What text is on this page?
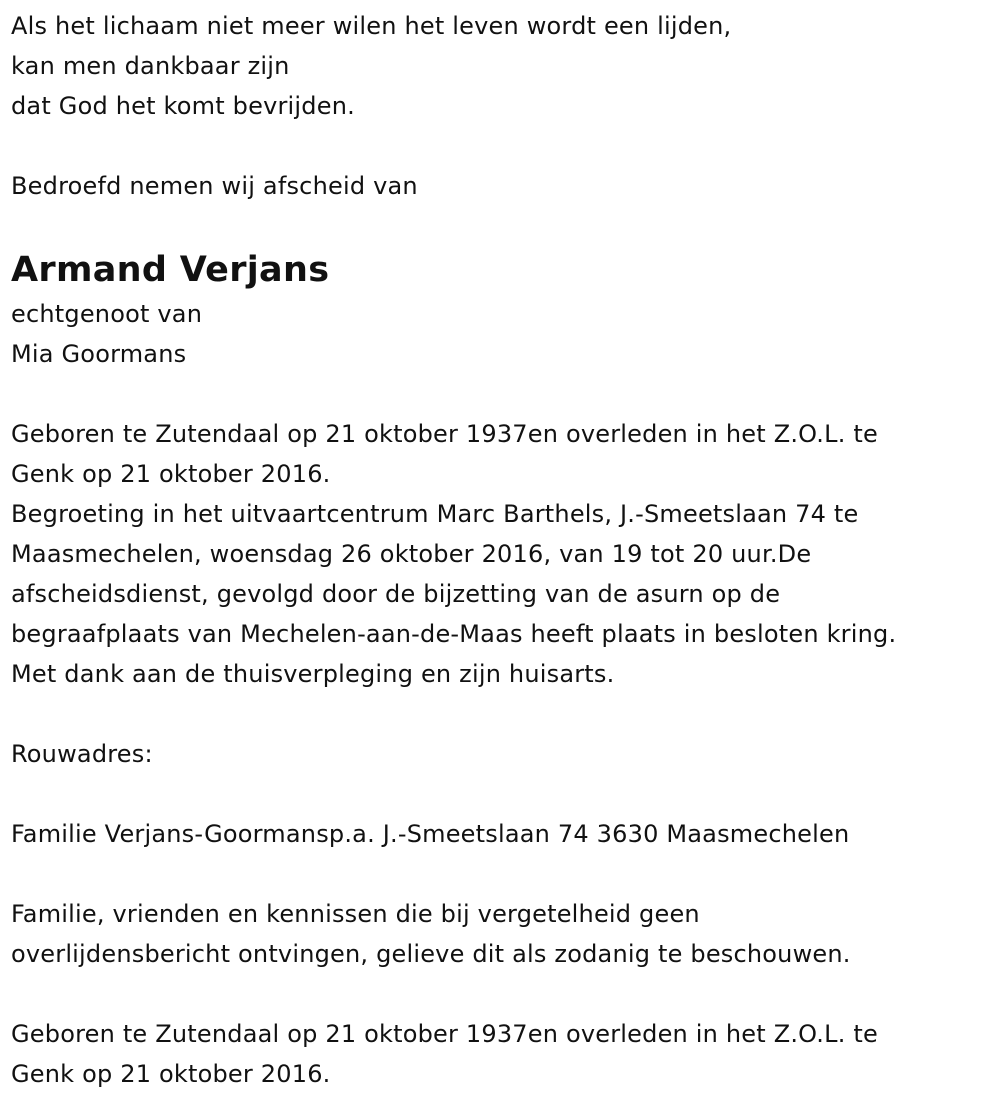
Als het lichaam niet meer wilen het leven wordt een lijden,
kan men dankbaar zijn
dat God het komt bevrijden.
Bedroefd nemen wij afscheid van
Armand Verjans
echtgenoot van
Mia Goormans
Geboren te Zutendaal op 21 oktober 1937en overleden in het Z.O.L. te
Genk op 21 oktober 2016.
Begroeting in het uitvaartcentrum Marc Barthels, J.-Smeetslaan 74 te
Maasmechelen, woensdag 26 oktober 2016, van 19 tot 20 uur.De
afscheidsdienst, gevolgd door de bijzetting van de asurn op de
begraafplaats van Mechelen-aan-de-Maas heeft plaats in besloten kring.
Met dank aan de thuisverpleging en zijn huisarts.
Rouwadres:
Familie Verjans-Goormansp.a. J.-Smeetslaan 74 3630 Maasmechelen
Familie, vrienden en kennissen die bij vergetelheid geen
overlijdensbericht ontvingen, gelieve dit als zodanig te beschouwen.
Geboren te Zutendaal op 21 oktober 1937en overleden in het Z.O.L. te
Genk op 21 oktober 2016.
